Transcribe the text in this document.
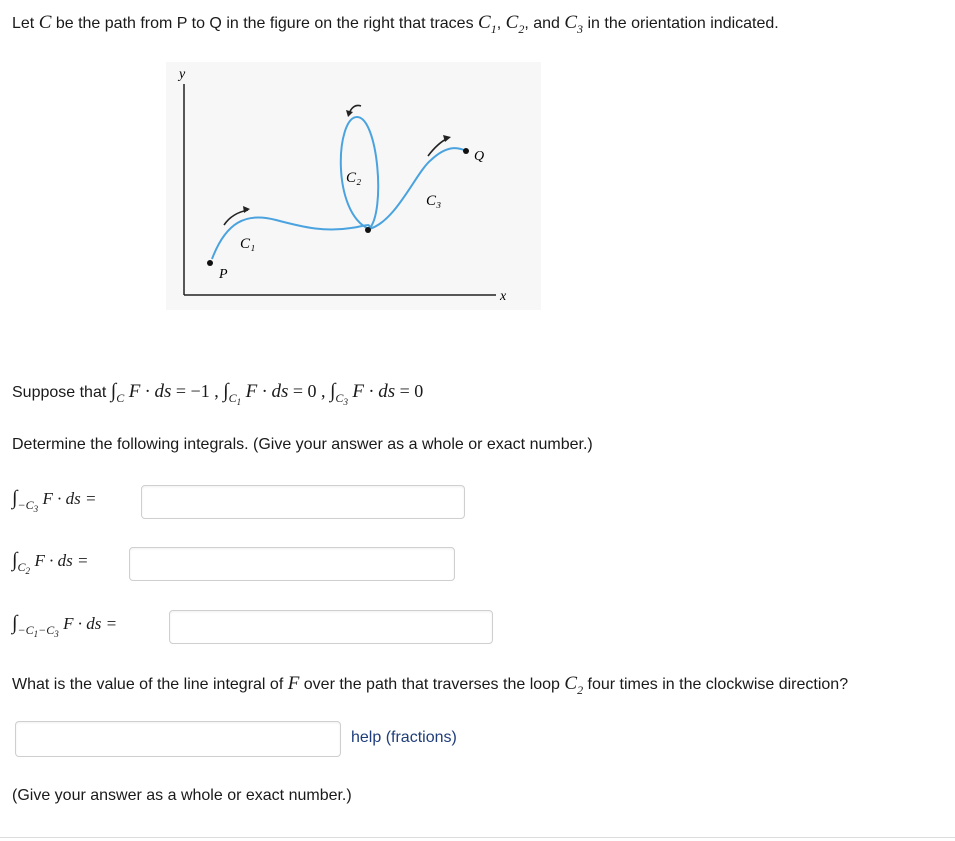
Let C be the path from P to Q in the figure on the right that traces $C_1$, $C_2$, and $C_3$ in the orientation indicated.
y
x
P
Q
C₁
C₂
C₃
Suppose that $\int_C$ F · ds = −1 , $\int_{C1}$ F · ds = 0 , $\int_{C3}$ F · ds = 0
Determine the following integrals. (Give your answer as a whole or exact number.)
$\int_{-C3}$ F · ds =
$\int_{C2}$ F · ds =
$\int_{-C1-C3}$ F · ds =
What is the value of the line integral of F over the path that traverses the loop $C_2$ four times in the clockwise direction?
help (fractions)
(Give your answer as a whole or exact number.)
